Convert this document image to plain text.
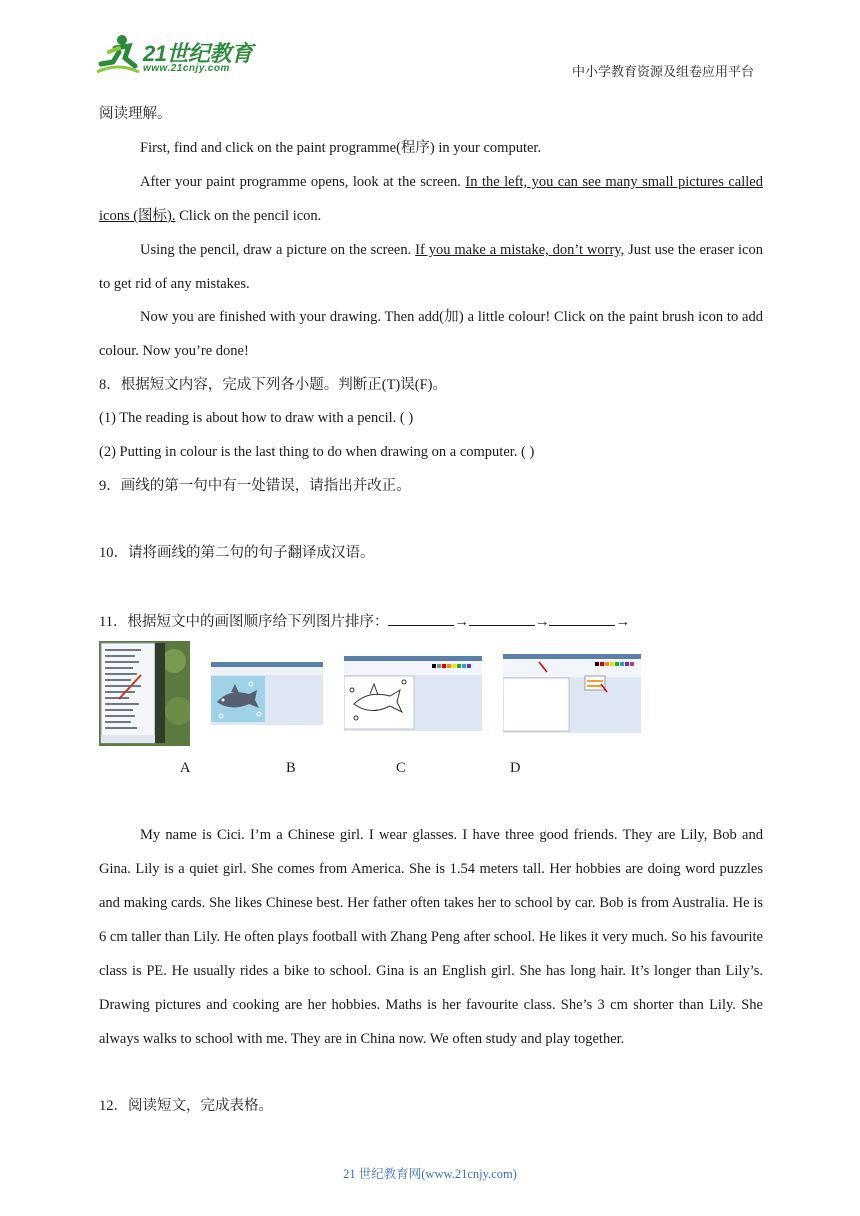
21世纪教育
www.21cnjy.com	中小学教育资源及组卷应用平台
阅读理解。
First, find and click on the paint programme(程序) in your computer.
After your paint programme opens, look at the screen. In the left, you can see many small pictures called icons (图标). Click on the pencil icon.
Using the pencil, draw a picture on the screen. If you make a mistake, don’t worry, Just use the eraser icon to get rid of any mistakes.
Now you are finished with your drawing. Then add(加) a little colour! Click on the paint brush icon to add colour. Now you’re done!
8．根据短文内容，完成下列各小题。判断正(T)误(F)。
(1) The reading is about how to draw with a pencil. ( )
(2) Putting in colour is the last thing to do when drawing on a computer. ( )
9．画线的第一句中有一处错误，请指出并改正。
10．请将画线的第二句的句子翻译成汉语。
11．根据短文中的画图顺序给下列图片排序：	→	→	→
A	B	C	D
My name is Cici. I’m a Chinese girl. I wear glasses. I have three good friends. They are Lily, Bob and Gina. Lily is a quiet girl. She comes from America. She is 1.54 meters tall. Her hobbies are doing word puzzles and making cards. She likes Chinese best. Her father often takes her to school by car. Bob is from Australia. He is 6 cm taller than Lily. He often plays football with Zhang Peng after school. He likes it very much. So his favourite class is PE. He usually rides a bike to school. Gina is an English girl. She has long hair. It’s longer than Lily’s. Drawing pictures and cooking are her hobbies. Maths is her favourite class. She’s 3 cm shorter than Lily. She always walks to school with me. They are in China now. We often study and play together.
12．阅读短文，完成表格。
21 世纪教育网(www.21cnjy.com)
